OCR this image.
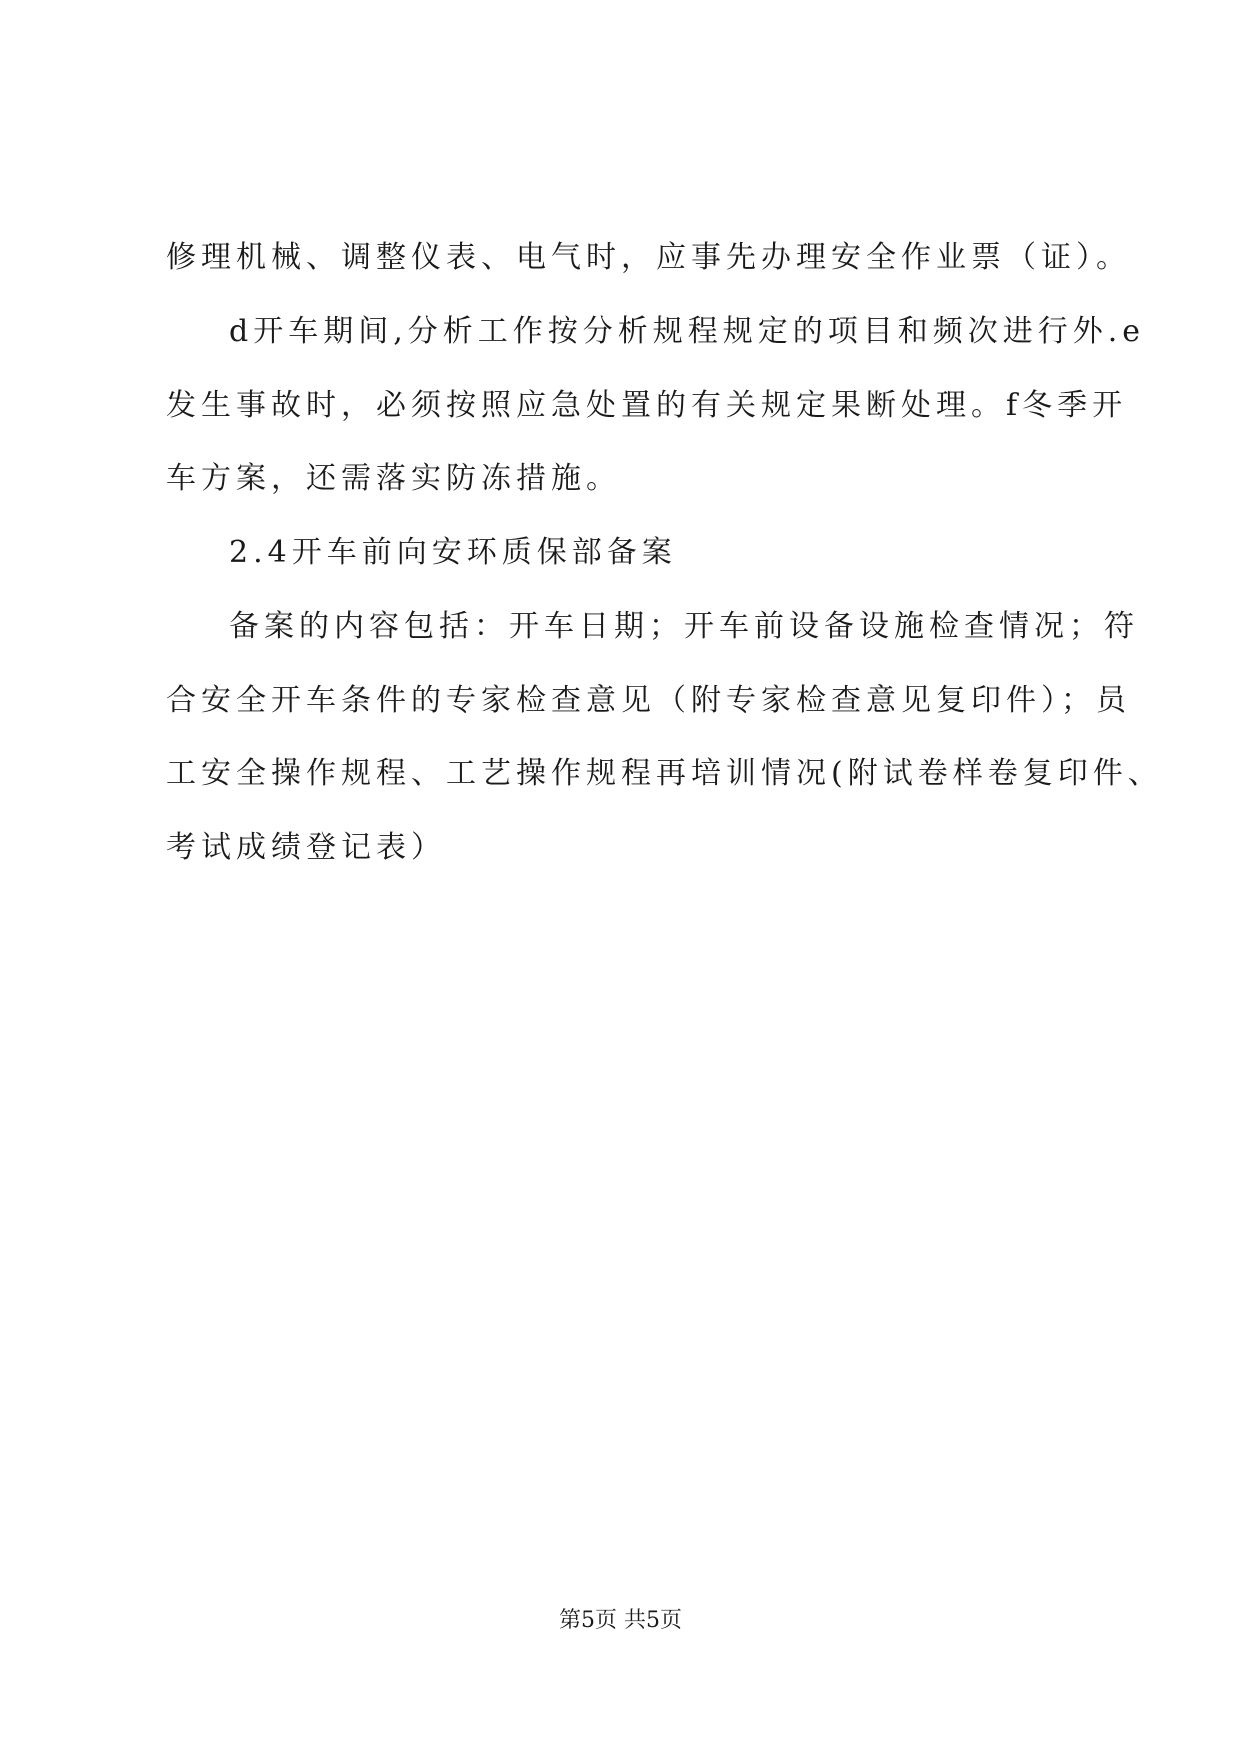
修理机械、调整仪表、电气时，应事先办理安全作业票（证）。
d开车期间,分析工作按分析规程规定的项目和频次进行外.e
发生事故时，必须按照应急处置的有关规定果断处理。f冬季开
车方案，还需落实防冻措施。
2.4开车前向安环质保部备案
备案的内容包括：开车日期；开车前设备设施检查情况；符
合安全开车条件的专家检查意见（附专家检查意见复印件）；员
工安全操作规程、工艺操作规程再培训情况(附试卷样卷复印件、
考试成绩登记表）
第5页 共5页
